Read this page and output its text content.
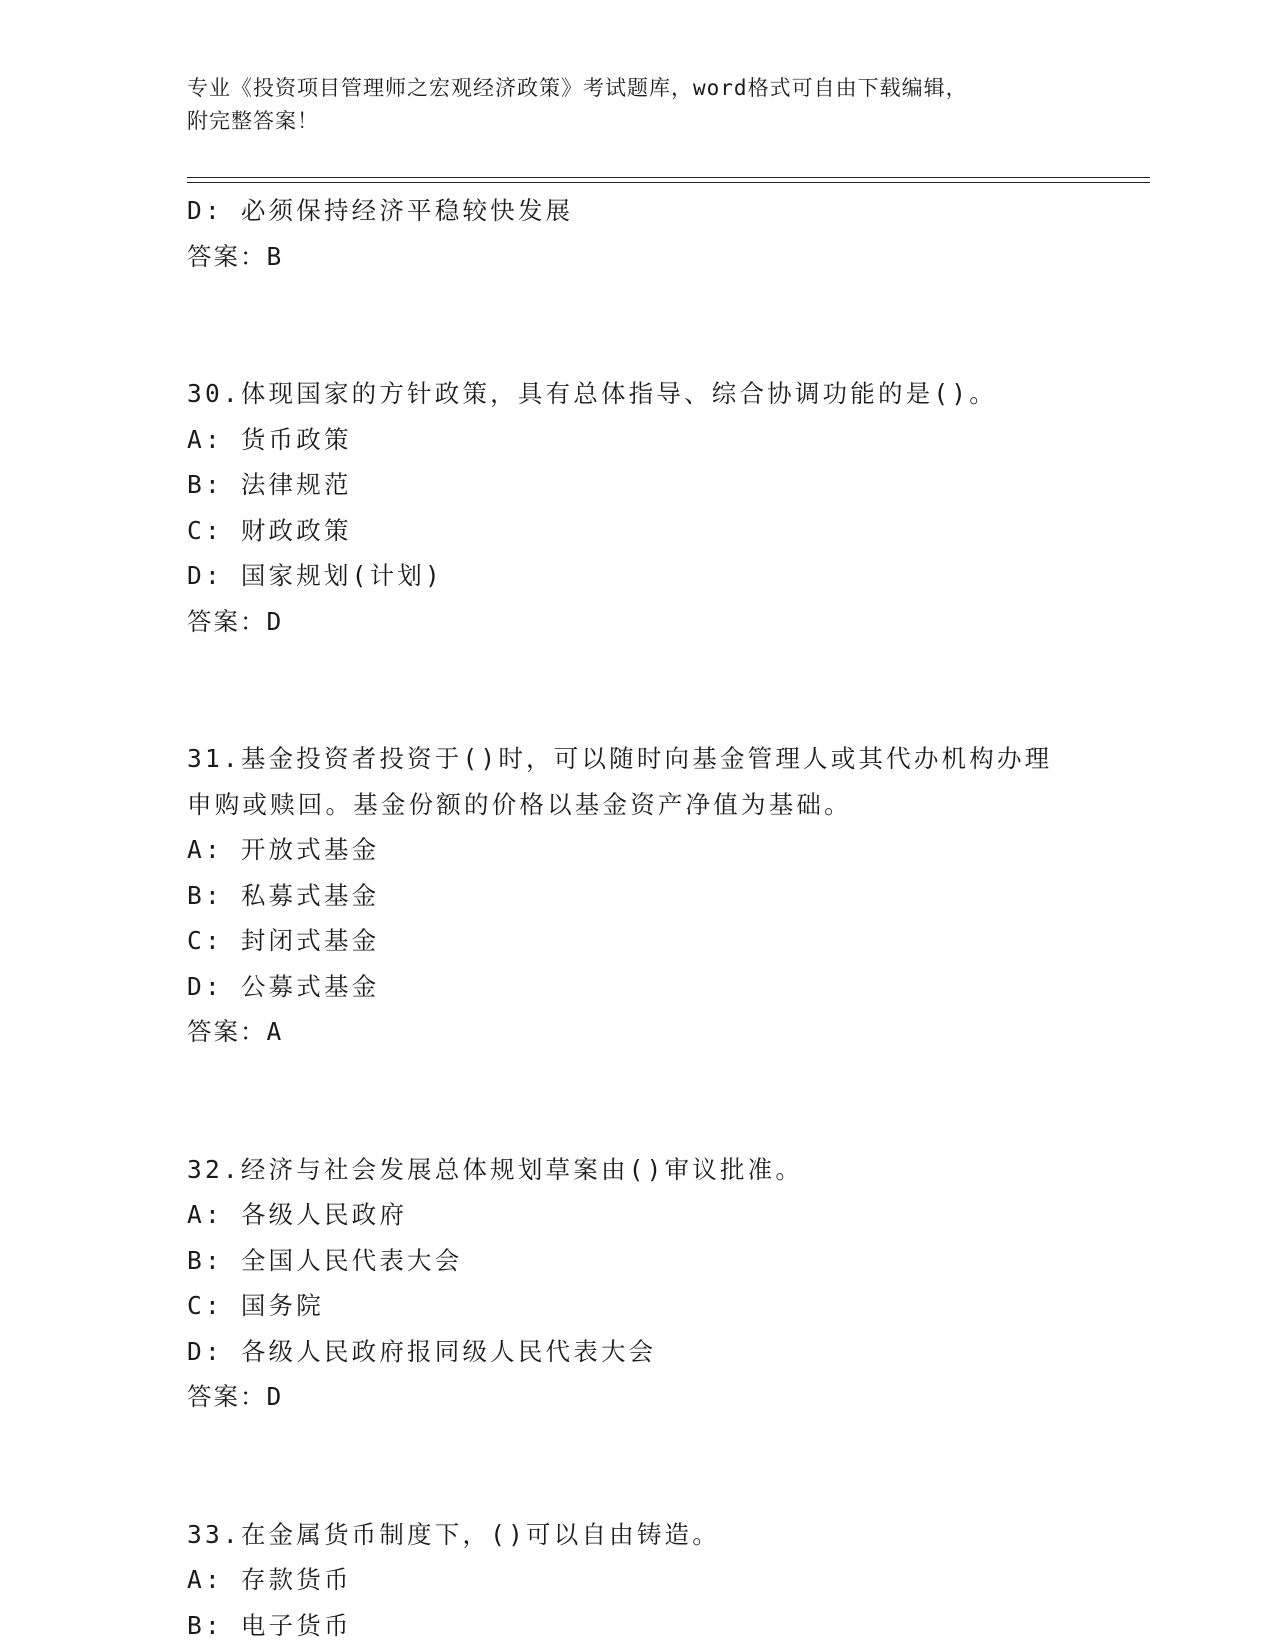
专业《投资项目管理师之宏观经济政策》考试题库，word格式可自由下载编辑，
附完整答案！
D: 必须保持经济平稳较快发展
答案：B
30.体现国家的方针政策，具有总体指导、综合协调功能的是()。
A: 货币政策
B: 法律规范
C: 财政政策
D: 国家规划(计划)
答案：D
31.基金投资者投资于()时，可以随时向基金管理人或其代办机构办理
申购或赎回。基金份额的价格以基金资产净值为基础。
A: 开放式基金
B: 私募式基金
C: 封闭式基金
D: 公募式基金
答案：A
32.经济与社会发展总体规划草案由()审议批准。
A: 各级人民政府
B: 全国人民代表大会
C: 国务院
D: 各级人民政府报同级人民代表大会
答案：D
33.在金属货币制度下，()可以自由铸造。
A: 存款货币
B: 电子货币
